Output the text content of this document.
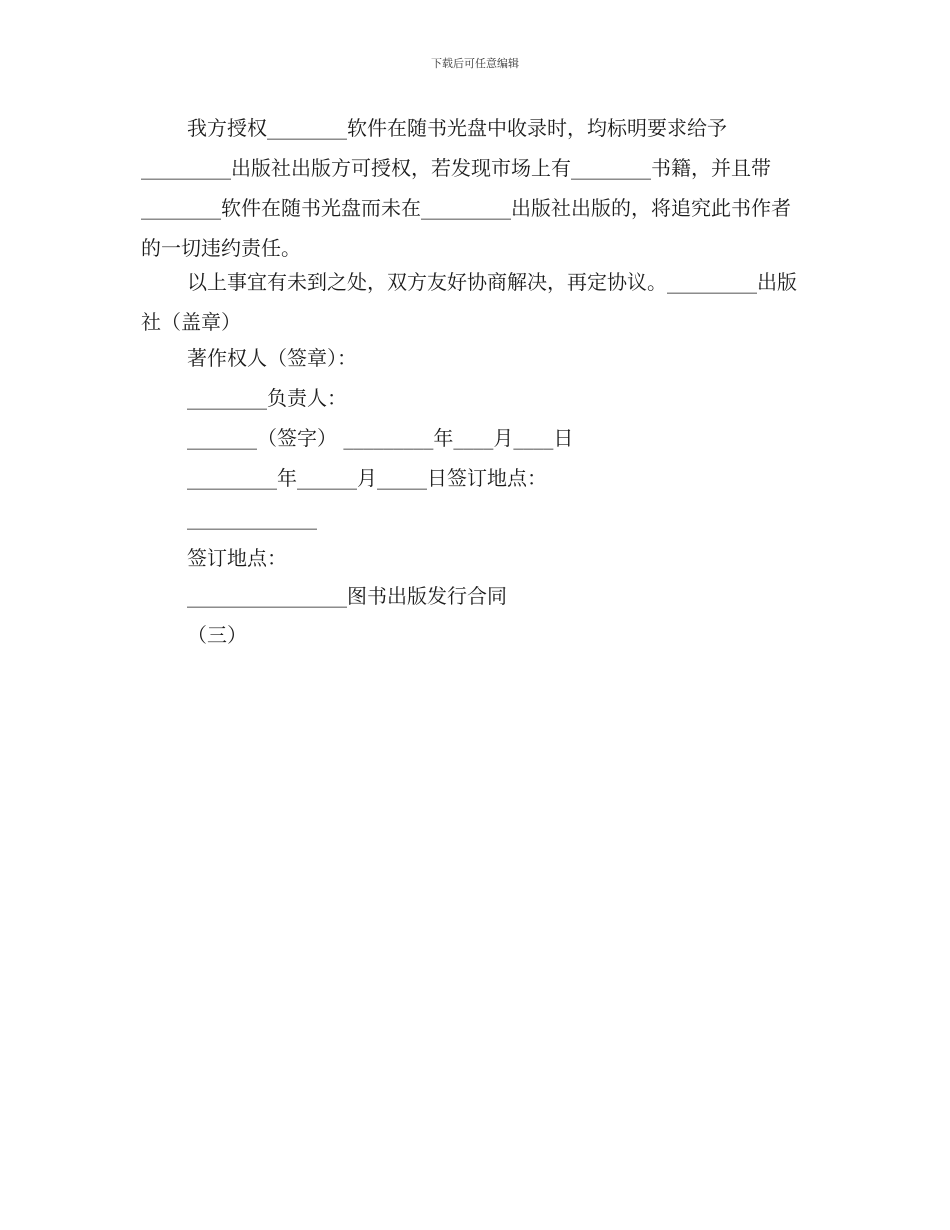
下载后可任意编辑
我方授权________软件在随书光盘中收录时，均标明要求给予_________出版社出版方可授权，若发现市场上有________书籍，并且带________软件在随书光盘而未在_________出版社出版的，将追究此书作者的一切违约责任。
以上事宜有未到之处，双方友好协商解决，再定协议。_________出版社（盖章）
著作权人（签章）：
________负责人：
_______（签字） _________年____月____日
_________年______月_____日签订地点：
_____________
签订地点：
________________图书出版发行合同
（三）
